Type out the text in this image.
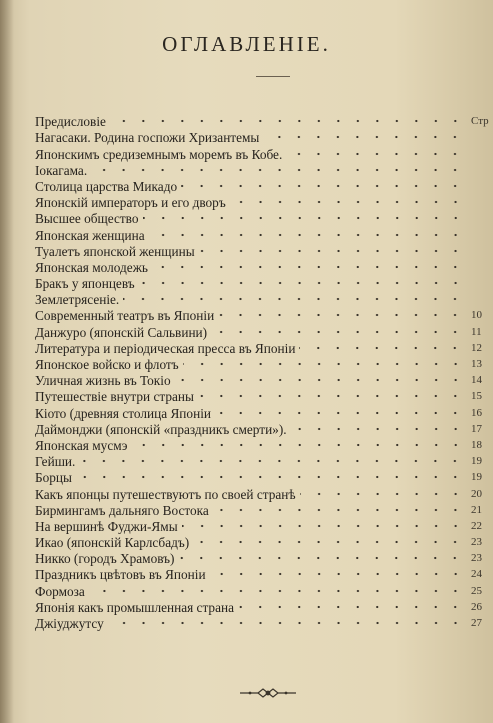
ОГЛАВЛЕНІЕ.
Предисловіе	Стр
Нагасаки. Родина госпожи Хризантемы
Японскимъ средиземнымъ моремъ въ Кобе.
Іокагама.
Столица царства Микадо
Японскій императоръ и его дворъ
Высшее общество
Японская женщина
Туалетъ японской женщины
Японская молодежь
Бракъ у японцевъ
Землетрясеніе.
Современный театръ въ Японіи	10
Данжуро (японскій Сальвини)	11
Литература и періодическая пресса въ Японіи	12
Японское войско и флотъ	13
Уличная жизнь въ Токіо	14
Путешествіе внутри страны	15
Кіото (древняя столица Японіи	16
Даймонджи (японскій «праздникъ смерти»).	17
Японская мусмэ	18
Гейши.	19
Борцы	19
Какъ японцы путешествуютъ по своей странѣ	20
Бирмингамъ дальняго Востока	21
На вершинѣ Фуджи-Ямы	22
Икао (японскій Карлсбадъ)	23
Никко (городъ Храмовъ)	23
Праздникъ цвѣтовъ въ Японіи	24
Формоза	25
Японія какъ промышленная страна	26
Джіуджутсу	27
